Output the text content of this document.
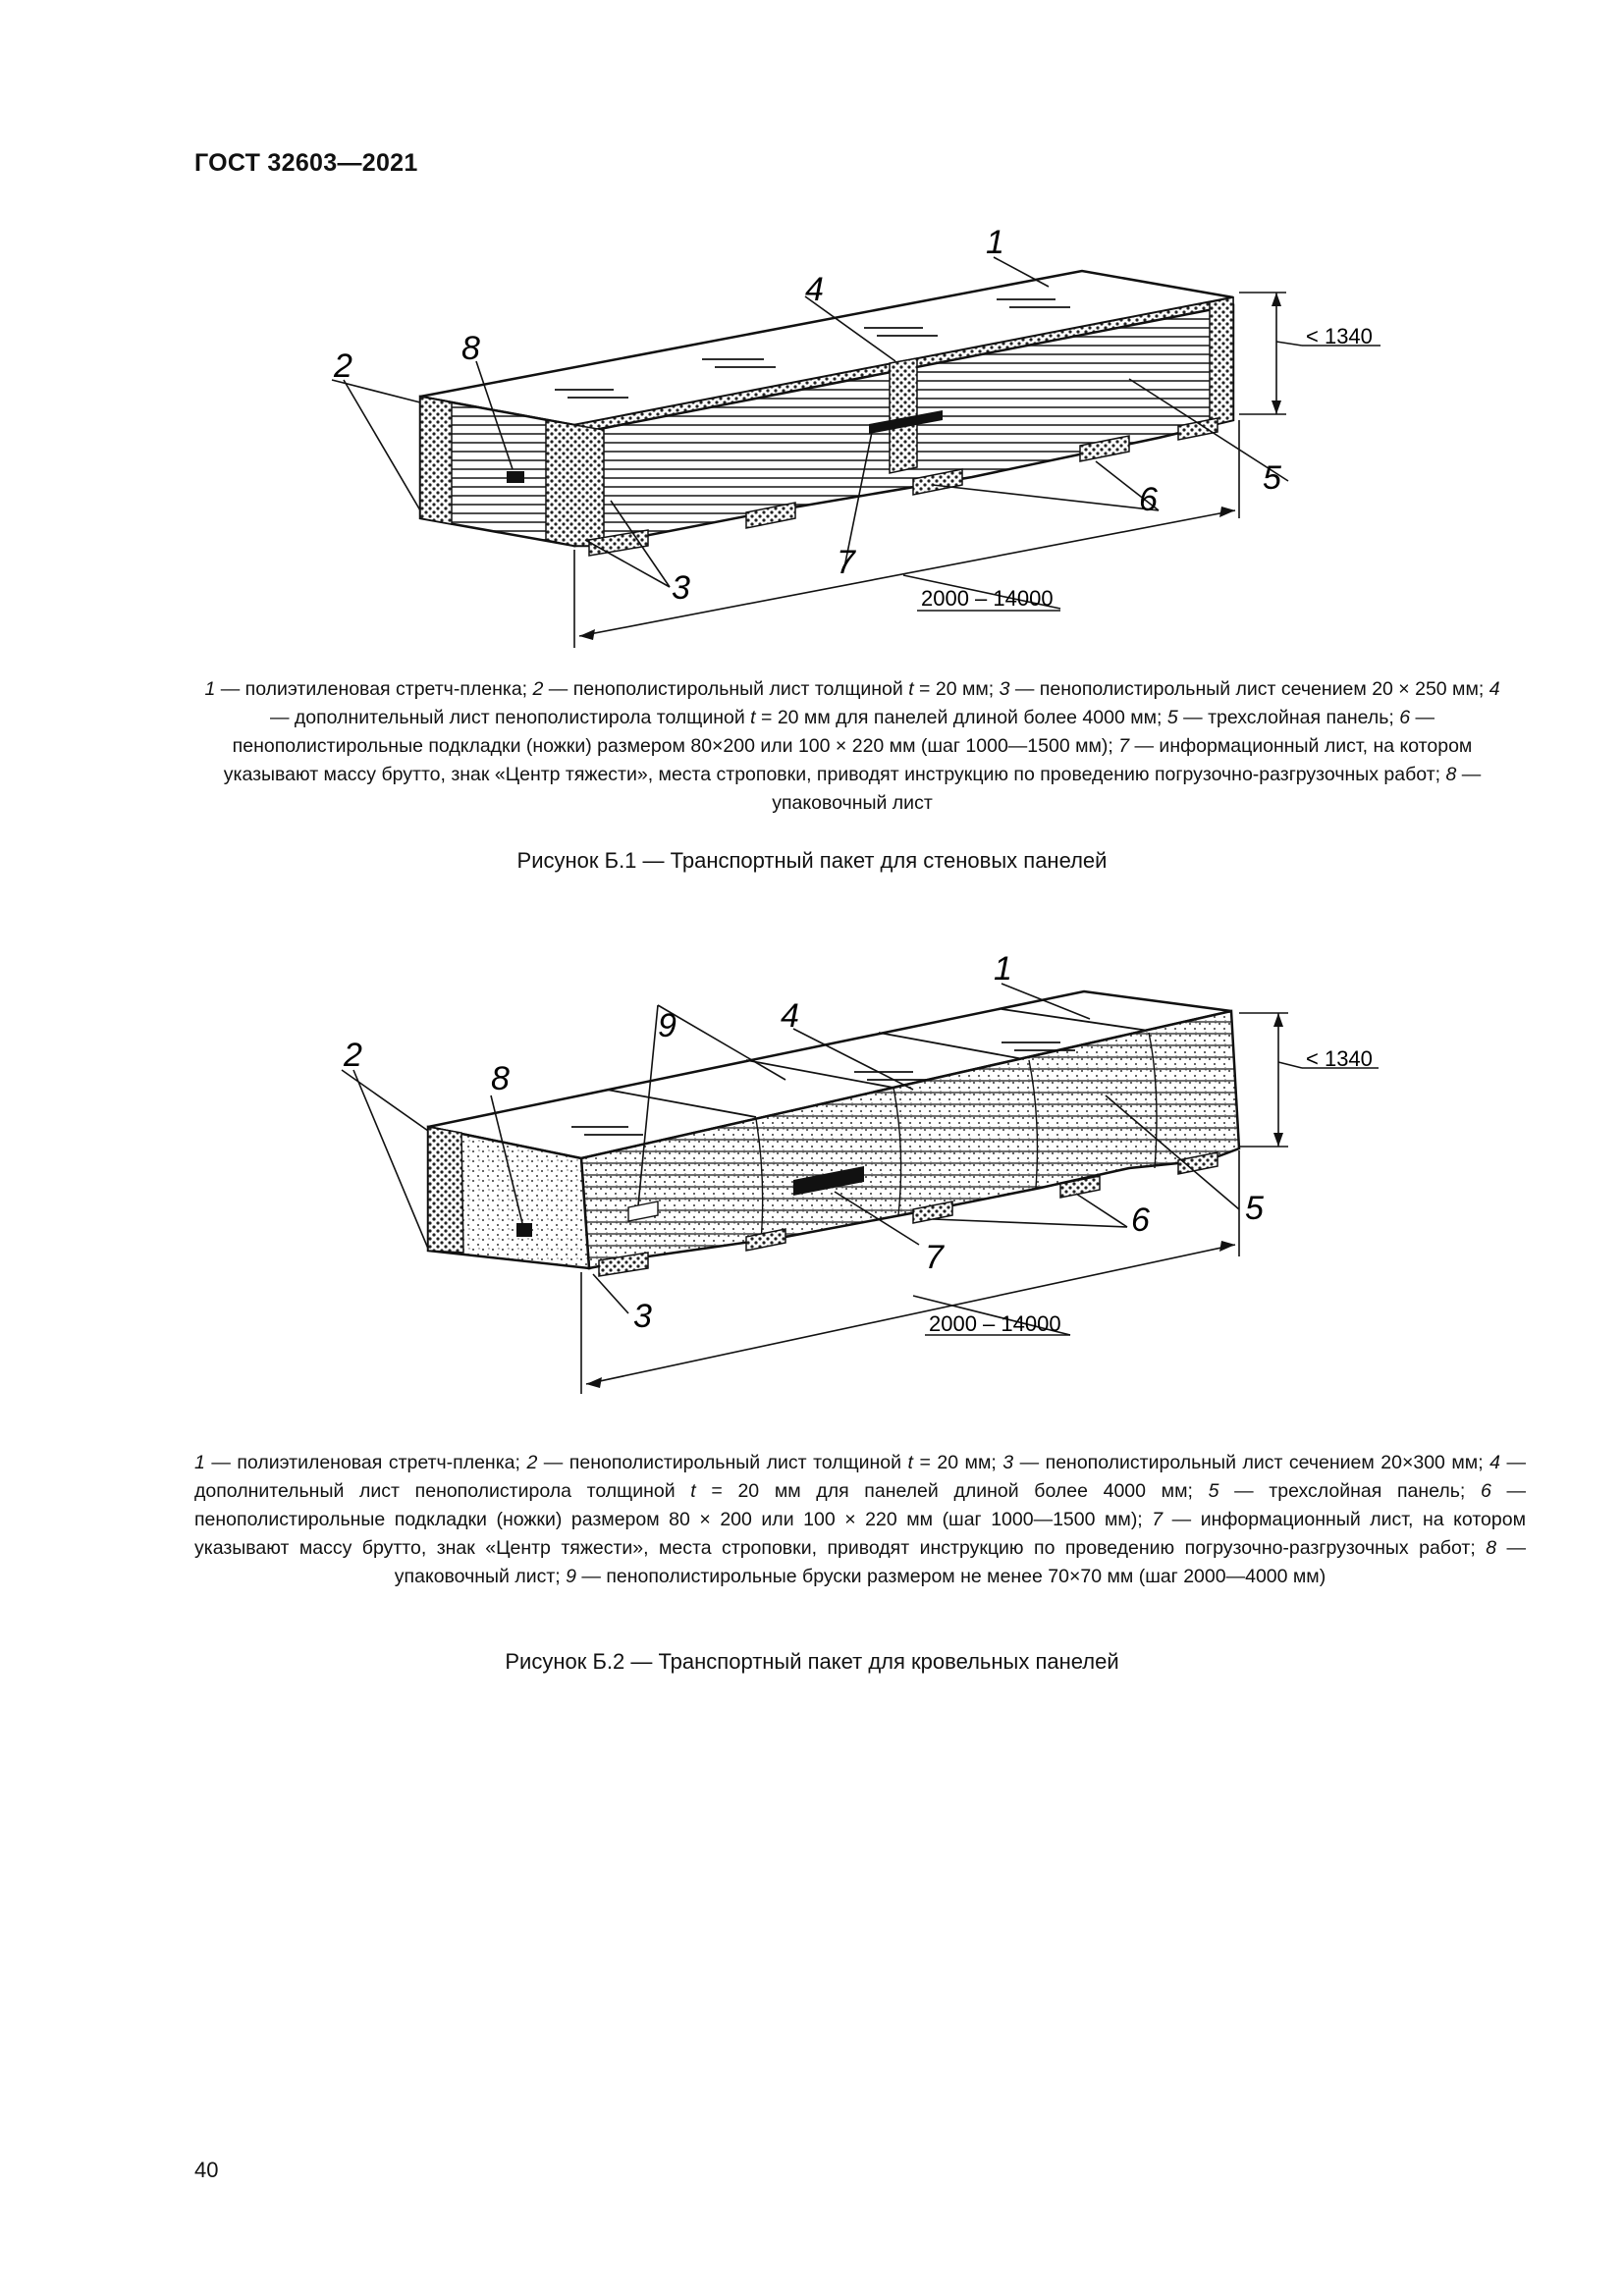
ГОСТ 32603—2021
1
2
3
4
5
6
7
8	< 1340
2000 – 14000
1 — полиэтиленовая стретч-пленка; 2 — пенополистирольный лист толщиной t = 20 мм; 3 — пенополистирольный лист сечением 20 × 250 мм; 4 — дополнительный лист пенополистирола толщиной t = 20 мм для панелей длиной более 4000 мм; 5 — трехслойная панель; 6 — пенополистирольные подкладки (ножки) размером 80×200 или 100 × 220 мм (шаг 1000—1500 мм); 7 — информационный лист, на котором указывают массу брутто, знак «Центр тяжести», места строповки, приводят инструкцию по проведению погрузочно-разгрузочных работ; 8 — упаковочный лист
Рисунок Б.1 — Транспортный пакет для стеновых панелей
1
2
3
4
5
6
7
8
9
< 1340
2000 – 14000
1 — полиэтиленовая стретч-пленка; 2 — пенополистирольный лист толщиной t = 20 мм; 3 — пенополистирольный лист сечением 20×300 мм; 4 — дополнительный лист пенополистирола толщиной t = 20 мм для панелей длиной более 4000 мм; 5 — трехслойная панель; 6 — пенополистирольные подкладки (ножки) размером 80 × 200 или 100 × 220 мм (шаг 1000—1500 мм); 7 — информационный лист, на котором указывают массу брутто, знак «Центр тяжести», места строповки, приводят инструкцию по проведению погрузочно-разгрузочных работ; 8 — упаковочный лист; 9 — пенополистирольные бруски размером не менее 70×70 мм (шаг 2000—4000 мм)
Рисунок Б.2 — Транспортный пакет для кровельных панелей
40
